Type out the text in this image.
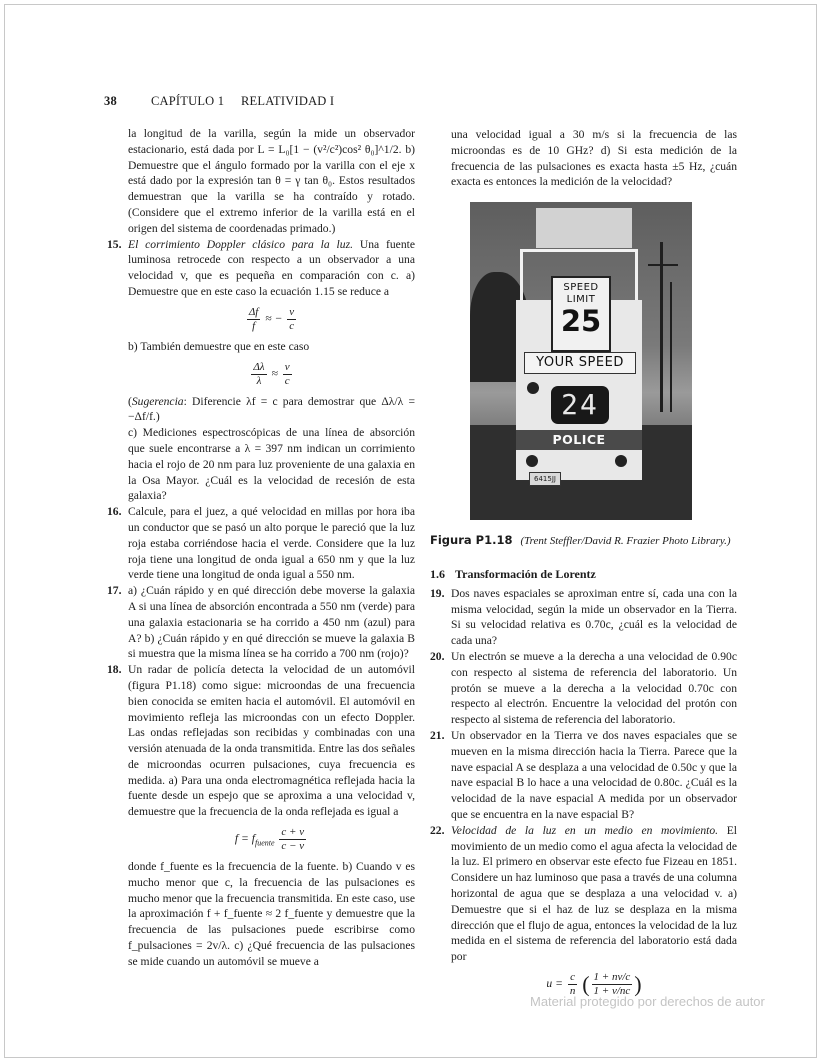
38	CAPÍTULO 1 RELATIVIDAD I

la longitud de la varilla, según la mide un observador estacionario, está dada por L = L₀[1 − (v²/c²)cos² θ₀]^1/2. b) Demuestre que el ángulo formado por la varilla con el eje x está dado por la expresión tan θ = γ tan θ₀. Estos resultados demuestran que la varilla se ha contraído y rotado. (Considere que el extremo inferior de la varilla está en el origen del sistema de coordenadas primado.)

15. El corrimiento Doppler clásico para la luz. Una fuente luminosa retrocede con respecto a un observador a una velocidad v, que es pequeña en comparación con c. a) Demuestre que en este caso la ecuación 1.15 se reduce a

$\frac{\Delta f}{f}$ ≈ − $\frac{v}{c}$

b) También demuestre que en este caso

$\frac{\Delta\lambda}{\lambda} \approx \frac{v}{c}$

(Sugerencia: Diferencie λf = c para demostrar que Δλ/λ = −Δf/f.)

c) Mediciones espectroscópicas de una línea de absorción que suele encontrarse a λ = 397 nm indican un corrimiento hacia el rojo de 20 nm para luz proveniente de una galaxia en la Osa Mayor. ¿Cuál es la velocidad de recesión de esta galaxia?

16. Calcule, para el juez, a qué velocidad en millas por hora iba un conductor que se pasó un alto porque le pareció que la luz roja estaba corriéndose hacia el verde. Considere que la luz roja tiene una longitud de onda igual a 650 nm y que la luz verde tiene una longitud de onda igual a 550 nm.

17. a) ¿Cuán rápido y en qué dirección debe moverse la galaxia A si una línea de absorción encontrada a 550 nm (verde) para una galaxia estacionaria se ha corrido a 450 nm (azul) para A? b) ¿Cuán rápido y en qué dirección se mueve la galaxia B si muestra que la misma línea se ha corrido a 700 nm (rojo)?

18. Un radar de policía detecta la velocidad de un automóvil (figura P1.18) como sigue: microondas de una frecuencia bien conocida se emiten hacia el automóvil. El automóvil en movimiento refleja las microondas con un efecto Doppler. Las ondas reflejadas son recibidas y combinadas con una versión atenuada de la onda transmitida. Entre las dos señales de microondas ocurren pulsaciones, cuya frecuencia es medida. a) Para una onda electromagnética reflejada hacia la fuente desde un espejo que se aproxima a una velocidad v, demuestre que la frecuencia de la onda reflejada es igual a

$f = f_{fuente} \frac{c + v}{c - v}$

donde f_fuente es la frecuencia de la fuente. b) Cuando v es mucho menor que c, la frecuencia de las pulsaciones es mucho menor que la frecuencia transmitida. En este caso, use la aproximación f + f_fuente ≈ 2 f_fuente y demuestre que la frecuencia de las pulsaciones puede escribirse como f_pulsaciones = 2v/λ. c) ¿Qué frecuencia de las pulsaciones se mide cuando un automóvil se mueve a

una velocidad igual a 30 m/s si la frecuencia de las microondas es de 10 GHz? d) Si esta medición de la frecuencia de las pulsaciones es exacta hasta ±5 Hz, ¿cuán exacta es entonces la medición de la velocidad?

SPEED
LIMIT
25
YOUR SPEED
24
POLICE
6415JJ
Figura P1.18 (Trent Steffler/David R. Frazier Photo Library.)
1.6 Transformación de Lorentz
19. Dos naves espaciales se aproximan entre sí, cada una con la misma velocidad, según la mide un observador en la Tierra. Si su velocidad relativa es 0.70c, ¿cuál es la velocidad de cada una?

20. Un electrón se mueve a la derecha a una velocidad de 0.90c con respecto al sistema de referencia del laboratorio. Un protón se mueve a la derecha a la velocidad 0.70c con respecto al electrón. Encuentre la velocidad del protón con respecto al sistema de referencia del laboratorio.

21. Un observador en la Tierra ve dos naves espaciales que se mueven en la misma dirección hacia la Tierra. Parece que la nave espacial A se desplaza a una velocidad de 0.50c y que la nave espacial B lo hace a una velocidad de 0.80c. ¿Cuál es la velocidad de la nave espacial A medida por un observador que se encuentra en la nave espacial B?

22. Velocidad de la luz en un medio en movimiento. El movimiento de un medio como el agua afecta la velocidad de la luz. El primero en observar este efecto fue Fizeau en 1851. Considere un haz luminoso que pasa a través de una columna horizontal de agua que se desplaza a una velocidad v. a) Demuestre que si el haz de luz se desplaza en la misma dirección que el flujo de agua, entonces la velocidad de la luz medida en el sistema de referencia del laboratorio está dada por

$u = \frac{c}{n}$ ( $\frac{1 + nv/c}{1 + v/nc}$ )
Material protegido por derechos de autor
